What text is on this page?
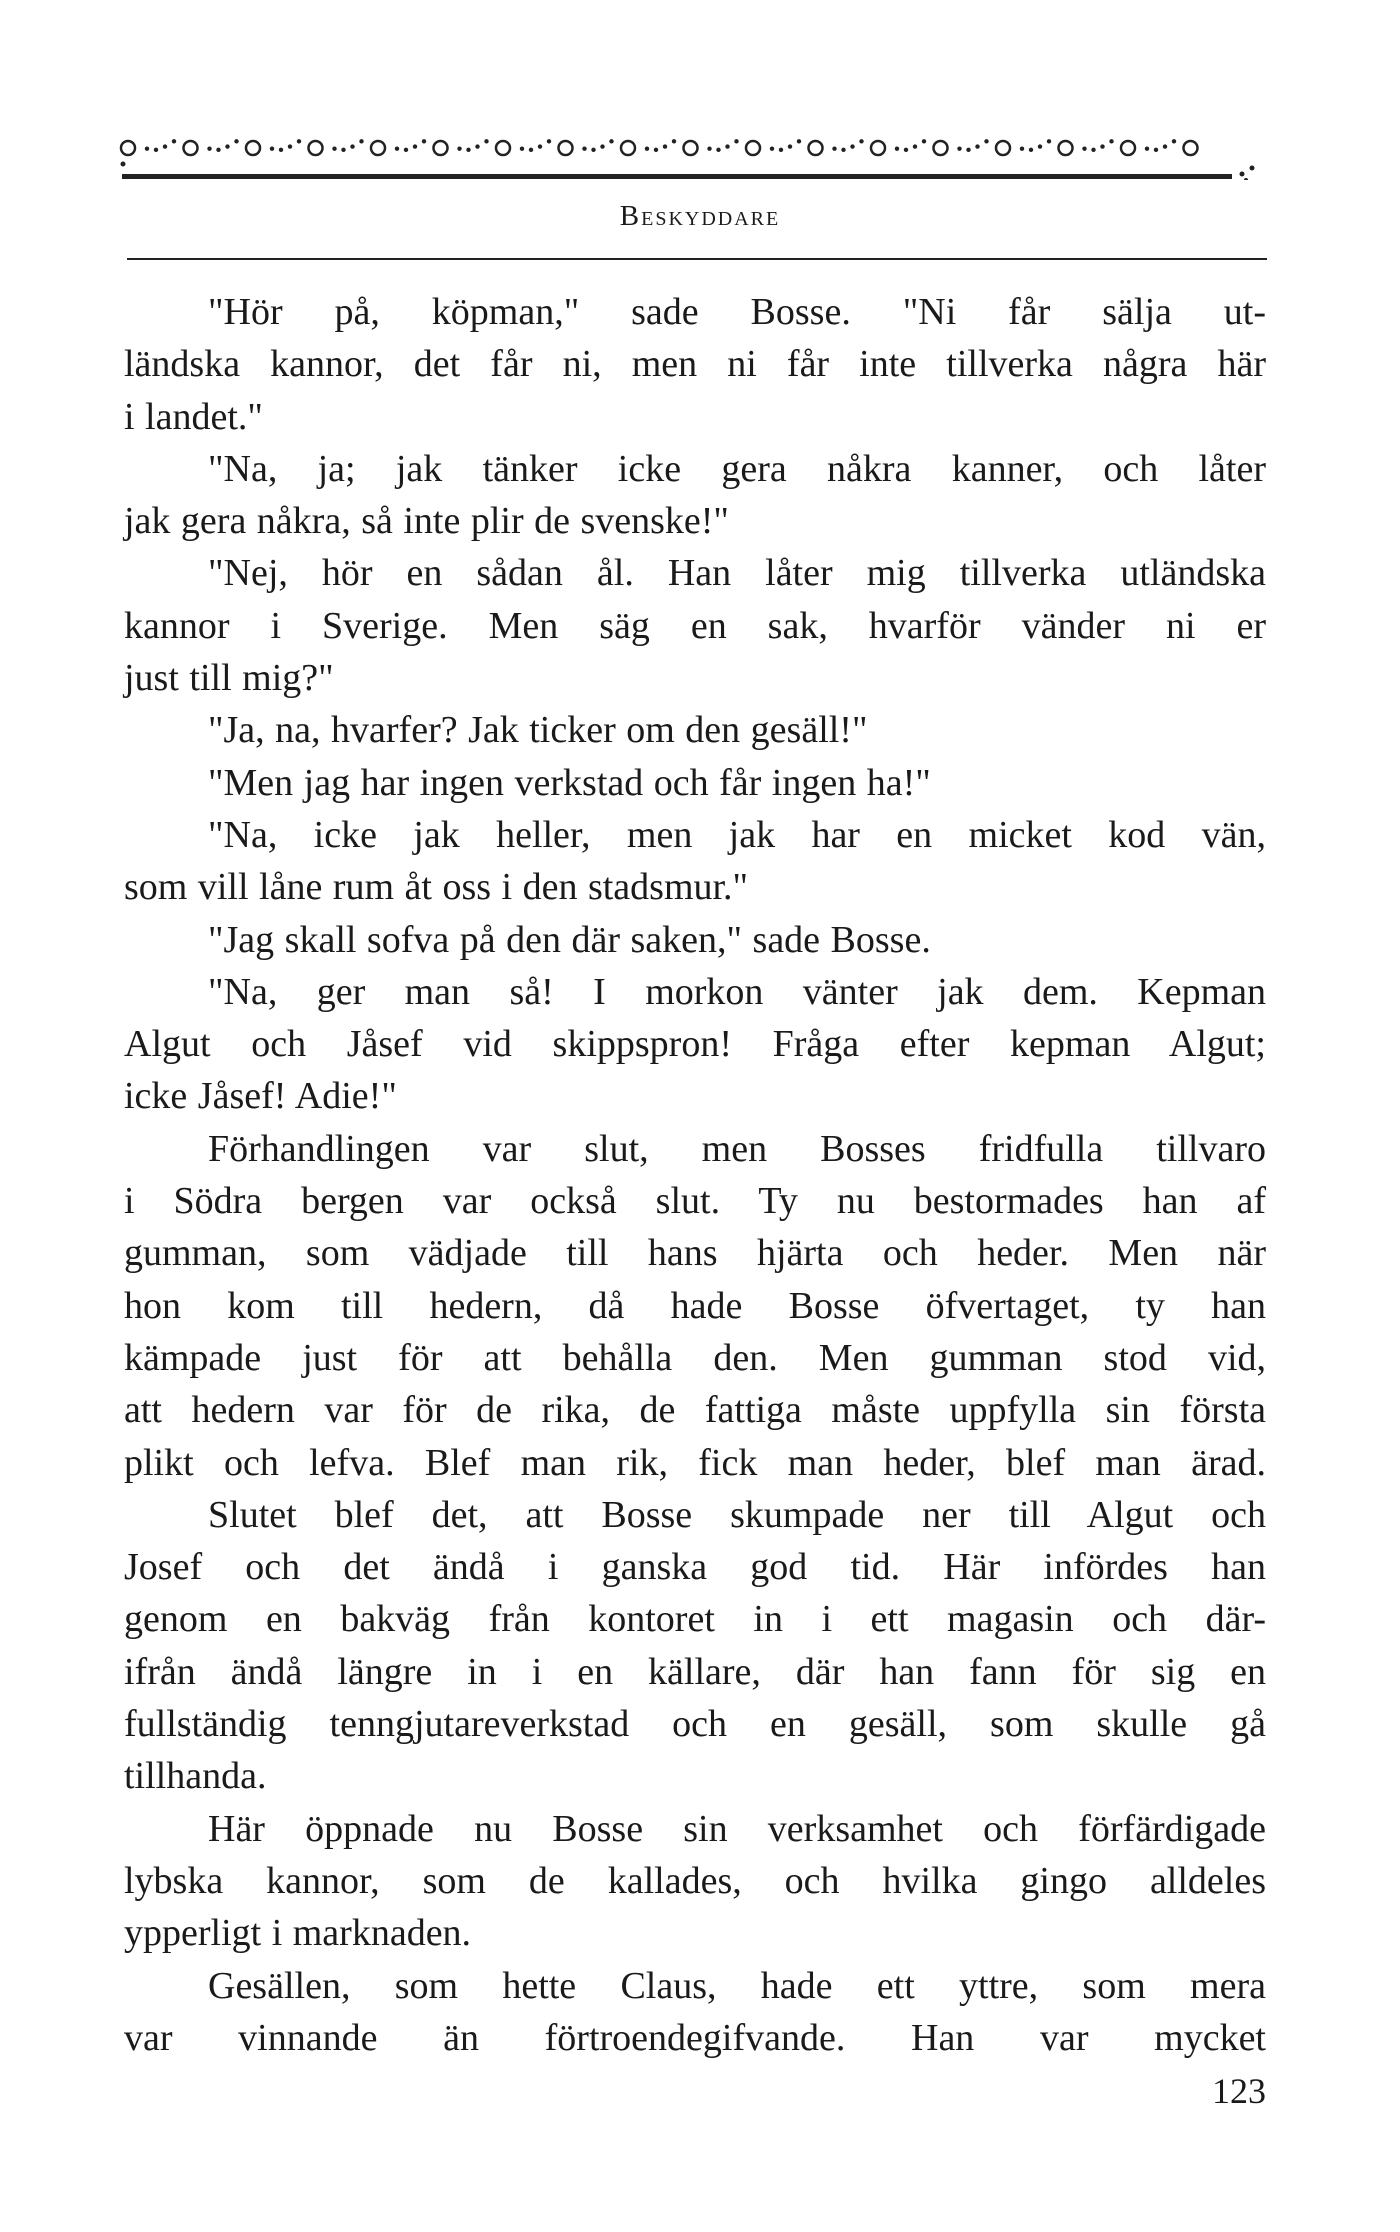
Beskyddare
"Hör på, köpman," sade Bosse. "Ni får sälja ut-
ländska kannor, det får ni, men ni får inte tillverka några här
i landet."
"Na, ja; jak tänker icke gera nåkra kanner, och låter
jak gera nåkra, så inte plir de svenske!"
"Nej, hör en sådan ål. Han låter mig tillverka utländska
kannor i Sverige. Men säg en sak, hvarför vänder ni er
just till mig?"
"Ja, na, hvarfer? Jak ticker om den gesäll!"
"Men jag har ingen verkstad och får ingen ha!"
"Na, icke jak heller, men jak har en micket kod vän,
som vill låne rum åt oss i den stadsmur."
"Jag skall sofva på den där saken," sade Bosse.
"Na, ger man så! I morkon vänter jak dem. Kepman
Algut och Jåsef vid skippspron! Fråga efter kepman Algut;
icke Jåsef! Adie!"
Förhandlingen var slut, men Bosses fridfulla tillvaro
i Södra bergen var också slut. Ty nu bestormades han af
gumman, som vädjade till hans hjärta och heder. Men när
hon kom till hedern, då hade Bosse öfvertaget, ty han
kämpade just för att behålla den. Men gumman stod vid,
att hedern var för de rika, de fattiga måste uppfylla sin första
plikt och lefva. Blef man rik, fick man heder, blef man ärad.
Slutet blef det, att Bosse skumpade ner till Algut och
Josef och det ändå i ganska god tid. Här infördes han
genom en bakväg från kontoret in i ett magasin och där-
ifrån ändå längre in i en källare, där han fann för sig en
fullständig tenngjutareverkstad och en gesäll, som skulle gå
tillhanda.
Här öppnade nu Bosse sin verksamhet och förfärdigade
lybska kannor, som de kallades, och hvilka gingo alldeles
ypperligt i marknaden.
Gesällen, som hette Claus, hade ett yttre, som mera
var vinnande än förtroendegifvande. Han var mycket
123
